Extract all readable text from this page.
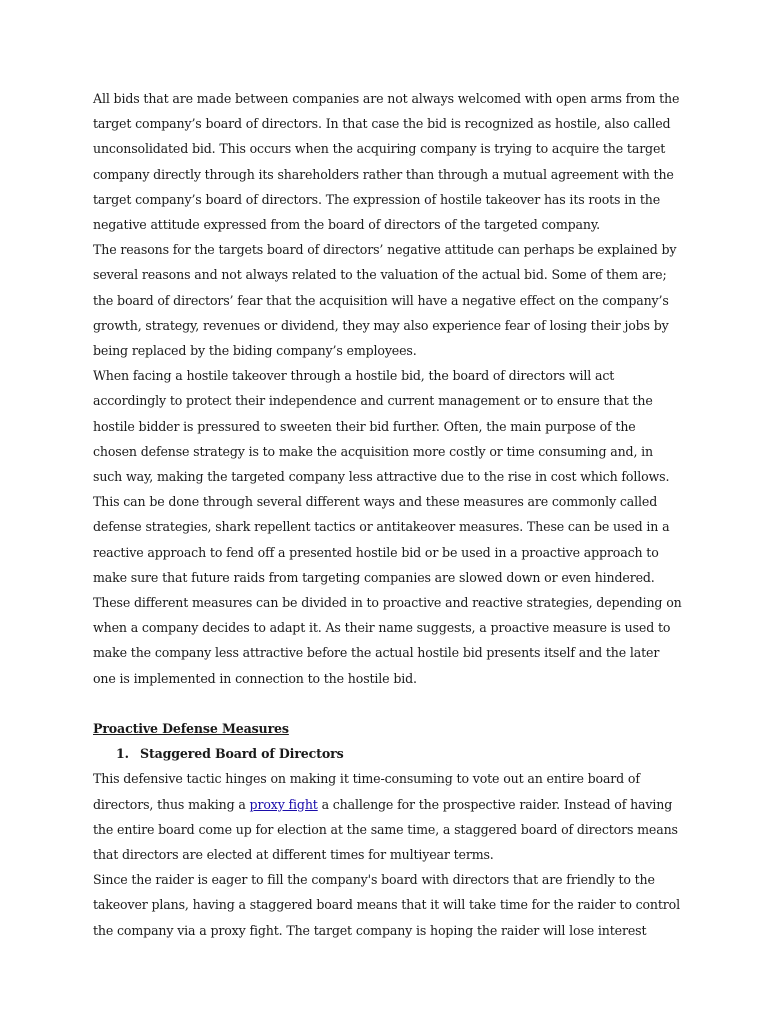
All bids that are made between companies are not always welcomed with open arms from the target company’s board of directors. In that case the bid is recognized as hostile, also called unconsolidated bid. This occurs when the acquiring company is trying to acquire the target company directly through its shareholders rather than through a mutual agreement with the target company’s board of directors. The expression of hostile takeover has its roots in the negative attitude expressed from the board of directors of the targeted company.

The reasons for the targets board of directors’ negative attitude can perhaps be explained by several reasons and not always related to the valuation of the actual bid. Some of them are; the board of directors’ fear that the acquisition will have a negative effect on the company’s growth, strategy, revenues or dividend, they may also experience fear of losing their jobs by being replaced by the biding company’s employees.

When facing a hostile takeover through a hostile bid, the board of directors will act accordingly to protect their independence and current management or to ensure that the hostile bidder is pressured to sweeten their bid further. Often, the main purpose of the chosen defense strategy is to make the acquisition more costly or time consuming and, in such way, making the targeted company less attractive due to the rise in cost which follows. This can be done through several different ways and these measures are commonly called defense strategies, shark repellent tactics or antitakeover measures. These can be used in a reactive approach to fend off a presented hostile bid or be used in a proactive approach to make sure that future raids from targeting companies are slowed down or even hindered.

These different measures can be divided in to proactive and reactive strategies, depending on when a company decides to adapt it. As their name suggests, a proactive measure is used to make the company less attractive before the actual hostile bid presents itself and the later one is implemented in connection to the hostile bid.

Proactive Defense Measures

1. Staggered Board of Directors

This defensive tactic hinges on making it time-consuming to vote out an entire board of directors, thus making a proxy fight a challenge for the prospective raider. Instead of having the entire board come up for election at the same time, a staggered board of directors means that directors are elected at different times for multiyear terms.

Since the raider is eager to fill the company's board with directors that are friendly to the takeover plans, having a staggered board means that it will take time for the raider to control the company via a proxy fight. The target company is hoping the raider will lose interest
